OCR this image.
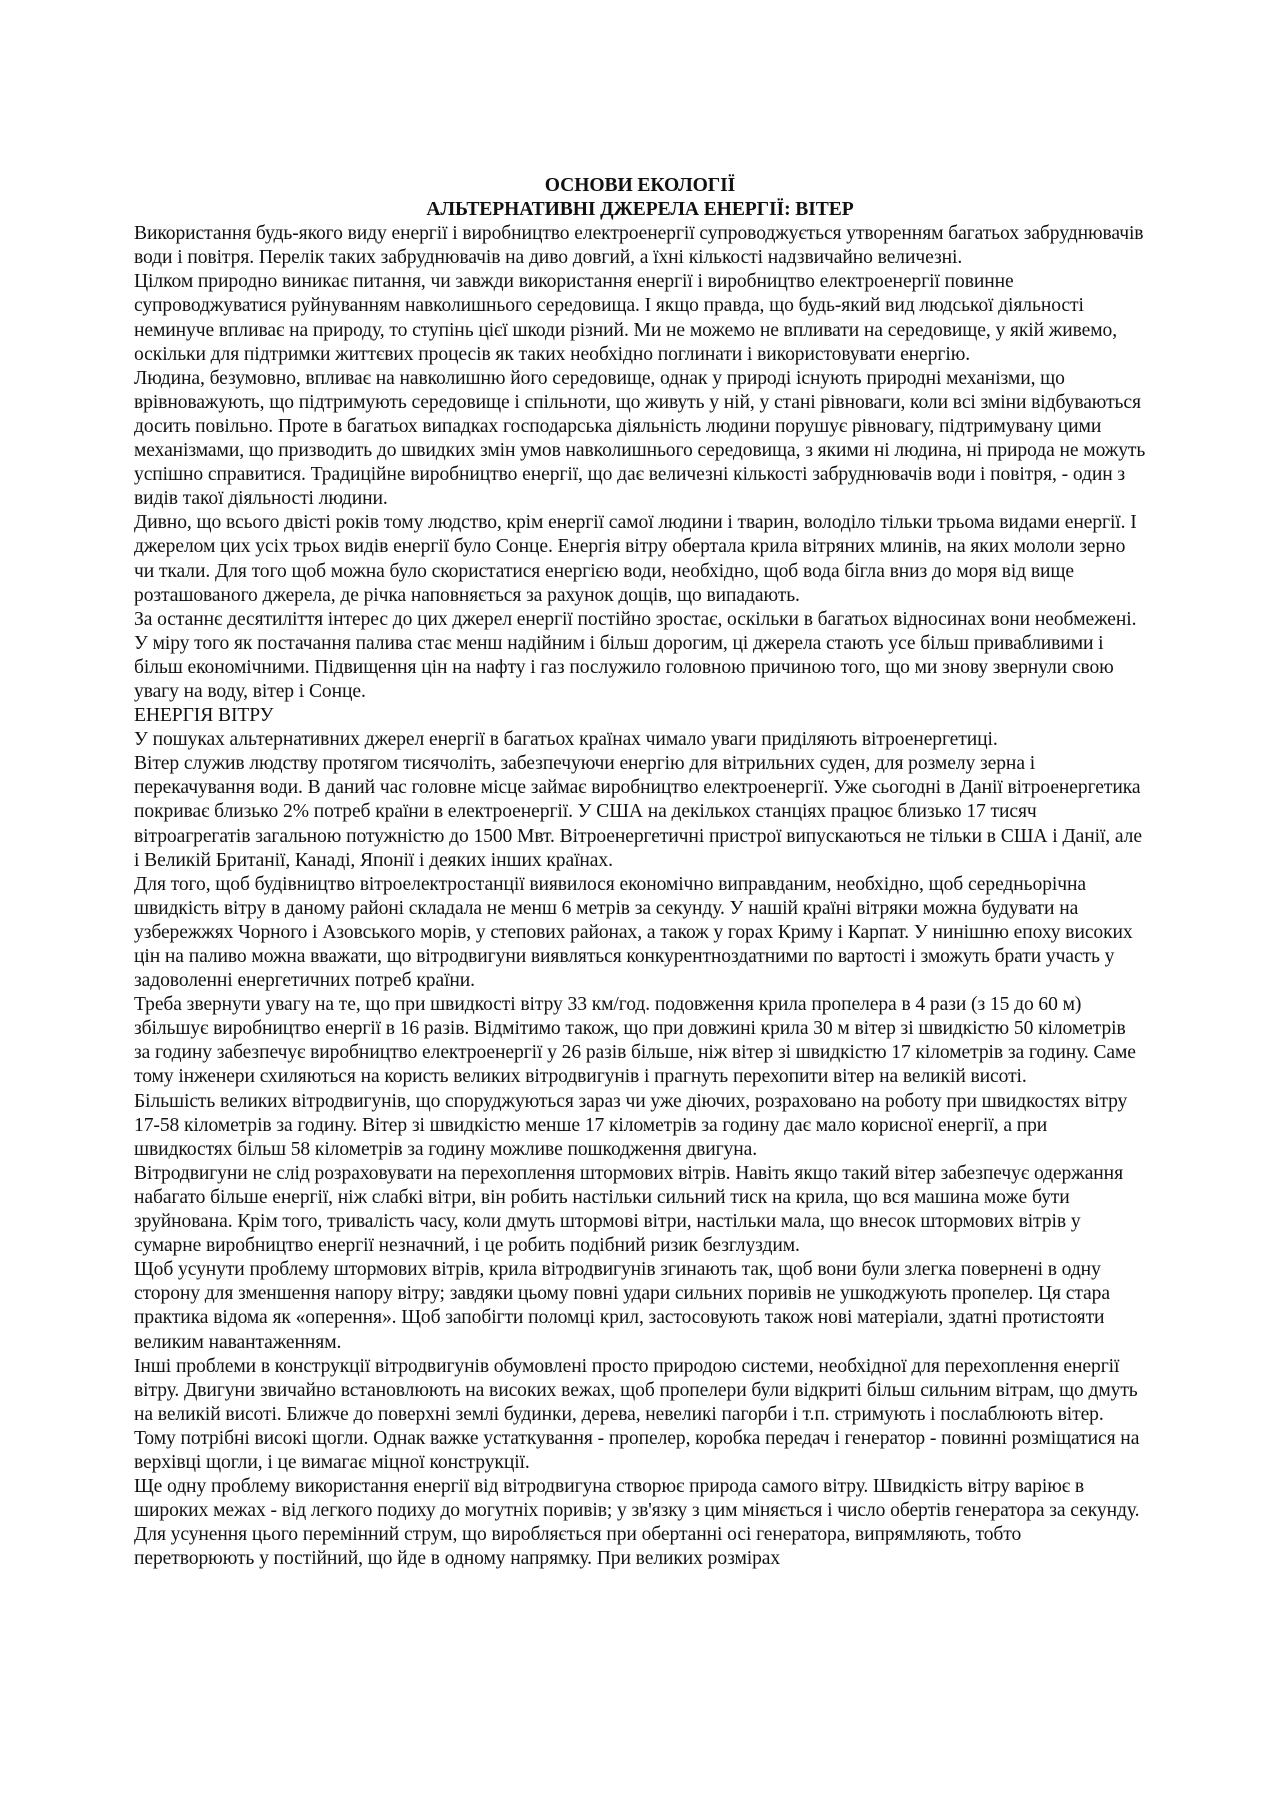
ОСНОВИ ЕКОЛОГІЇ

АЛЬТЕРНАТИВНІ ДЖЕРЕЛА ЕНЕРГІЇ: ВІТЕР

Використання будь-якого виду енергії і виробництво електроенергії супроводжується утворенням багатьох забруднювачів води і повітря. Перелік таких забруднювачів на диво довгий, а їхні кількості надзвичайно величезні.

Цілком природно виникає питання, чи завжди використання енергії і виробництво електроенергії повинне супроводжуватися руйнуванням навколишнього середовища. І якщо правда, що будь-який вид людської діяльності неминуче впливає на природу, то ступінь цієї шкоди різний. Ми не можемо не впливати на середовище, у якій живемо, оскільки для підтримки життєвих процесів як таких необхідно поглинати і використовувати енергію.

Людина, безумовно, впливає на навколишню його середовище, однак у природі існують природні механізми, що врівноважують, що підтримують середовище і спільноти, що живуть у ній, у стані рівноваги, коли всі зміни відбуваються досить повільно. Проте в багатьох випадках господарська діяльність людини порушує рівновагу, підтримувану цими механізмами, що призводить до швидких змін умов навколишнього середовища, з якими ні людина, ні природа не можуть успішно справитися. Традиційне виробництво енергії, що дає величезні кількості забруднювачів води і повітря, - один з видів такої діяльності людини.

Дивно, що всього двісті років тому людство, крім енергії самої людини і тварин, володіло тільки трьома видами енергії. І джерелом цих усіх трьох видів енергії було Сонце. Енергія вітру обертала крила вітряних млинів, на яких мололи зерно чи ткали. Для того щоб можна було скористатися енергією води, необхідно, щоб вода бігла вниз до моря від вище розташованого джерела, де річка наповняється за рахунок дощів, що випадають.

За останнє десятиліття інтерес до цих джерел енергії постійно зростає, оскільки в багатьох відносинах вони необмежені. У міру того як постачання палива стає менш надійним і більш дорогим, ці джерела стають усе більш привабливими і більш економічними. Підвищення цін на нафту і газ послужило головною причиною того, що ми знову звернули свою увагу на воду, вітер і Сонце.

ЕНЕРГІЯ ВІТРУ

У пошуках альтернативних джерел енергії в багатьох країнах чимало уваги приділяють вітроенергетиці.

Вітер служив людству протягом тисячоліть, забезпечуючи енергію для вітрильних суден, для розмелу зерна і перекачування води. В даний час головне місце займає виробництво електроенергії. Уже сьогодні в Данії вітроенергетика покриває близько 2% потреб країни в електроенергії. У США на декількох станціях працює близько 17 тисяч вітроагрегатів загальною потужністю до 1500 Мвт. Вітроенергетичні пристрої випускаються не тільки в США і Данії, але і Великій Британії, Канаді, Японії і деяких інших країнах.

Для того, щоб будівництво вітроелектростанції виявилося економічно виправданим, необхідно, щоб середньорічна швидкість вітру в даному районі складала не менш 6 метрів за секунду. У нашій країні вітряки можна будувати на узбережжях Чорного і Азовського морів, у степових районах, а також у горах Криму і Карпат. У нинішню епоху високих цін на паливо можна вважати, що вітродвигуни виявляться конкурентноздатними по вартості і зможуть брати участь у задоволенні енергетичних потреб країни.

Треба звернути увагу на те, що при швидкості вітру 33 км/год. подовження крила пропелера в 4 рази (з 15 до 60 м) збільшує виробництво енергії в 16 разів. Відмітимо також, що при довжині крила 30 м вітер зі швидкістю 50 кілометрів за годину забезпечує виробництво електроенергії у 26 разів більше, ніж вітер зі швидкістю 17 кілометрів за годину. Саме тому інженери схиляються на користь великих вітродвигунів і прагнуть перехопити вітер на великій висоті.

Більшість великих вітродвигунів, що споруджуються зараз чи уже діючих, розраховано на роботу при швидкостях вітру 17-58 кілометрів за годину. Вітер зі швидкістю менше 17 кілометрів за годину дає мало корисної енергії, а при швидкостях більш 58 кілометрів за годину можливе пошкодження двигуна.

Вітродвигуни не слід розраховувати на перехоплення штормових вітрів. Навіть якщо такий вітер забезпечує одержання набагато більше енергії, ніж слабкі вітри, він робить настільки сильний тиск на крила, що вся машина може бути зруйнована. Крім того, тривалість часу, коли дмуть штормові вітри, настільки мала, що внесок штормових вітрів у сумарне виробництво енергії незначний, і це робить подібний ризик безглуздим.

Щоб усунути проблему штормових вітрів, крила вітродвигунів згинають так, щоб вони були злегка повернені в одну сторону для зменшення напору вітру; завдяки цьому повні удари сильних поривів не ушкоджують пропелер. Ця стара практика відома як «оперення». Щоб запобігти поломці крил, застосовують також нові матеріали, здатні протистояти великим навантаженням.

Інші проблеми в конструкції вітродвигунів обумовлені просто природою системи, необхідної для перехоплення енергії вітру. Двигуни звичайно встановлюють на високих вежах, щоб пропелери були відкриті більш сильним вітрам, що дмуть на великій висоті. Ближче до поверхні землі будинки, дерева, невеликі пагорби і т.п. стримують і послаблюють вітер. Тому потрібні високі щогли. Однак важке устаткування - пропелер, коробка передач і генератор - повинні розміщатися на верхівці щогли, і це вимагає міцної конструкції.

Ще одну проблему використання енергії від вітродвигуна створює природа самого вітру. Швидкість вітру варіює в широких межах - від легкого подиху до могутніх поривів; у зв'язку з цим міняється і число обертів генератора за секунду. Для усунення цього перемінний струм, що виробляється при обертанні осі генератора, випрямляють, тобто перетворюють у постійний, що йде в одному напрямку. При великих розмірах
